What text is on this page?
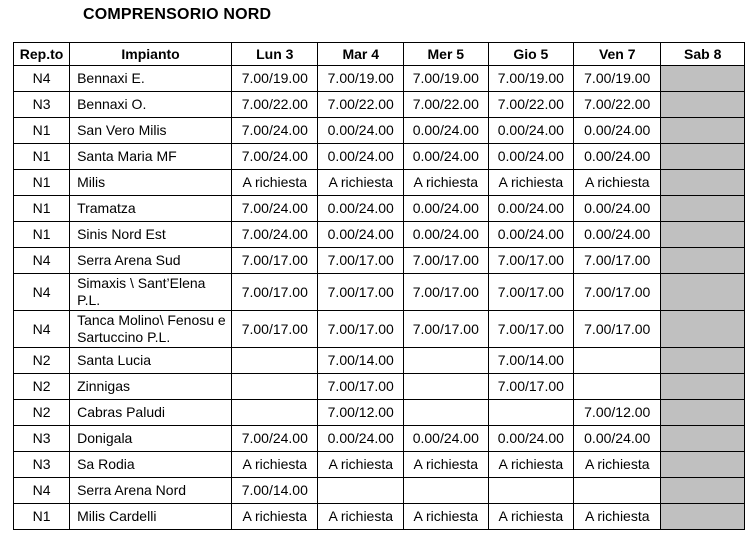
COMPRENSORIO NORD
Rep.to	Impianto	Lun 3	Mar 4	Mer 5	Gio 5	Ven 7	Sab 8
N4	Bennaxi E.	7.00/19.00	7.00/19.00	7.00/19.00	7.00/19.00	7.00/19.00	
N3	Bennaxi O.	7.00/22.00	7.00/22.00	7.00/22.00	7.00/22.00	7.00/22.00	
N1	San Vero Milis	7.00/24.00	0.00/24.00	0.00/24.00	0.00/24.00	0.00/24.00	
N1	Santa Maria MF	7.00/24.00	0.00/24.00	0.00/24.00	0.00/24.00	0.00/24.00	
N1	Milis	A richiesta	A richiesta	A richiesta	A richiesta	A richiesta	
N1	Tramatza	7.00/24.00	0.00/24.00	0.00/24.00	0.00/24.00	0.00/24.00	
N1	Sinis Nord Est	7.00/24.00	0.00/24.00	0.00/24.00	0.00/24.00	0.00/24.00	
N4	Serra Arena Sud	7.00/17.00	7.00/17.00	7.00/17.00	7.00/17.00	7.00/17.00	
N4	Simaxis \ Sant’Elena P.L.	7.00/17.00	7.00/17.00	7.00/17.00	7.00/17.00	7.00/17.00	
N4	Tanca Molino\ Fenosu e Sartuccino P.L.	7.00/17.00	7.00/17.00	7.00/17.00	7.00/17.00	7.00/17.00	
N2	Santa Lucia		7.00/14.00		7.00/14.00		
N2	Zinnigas		7.00/17.00		7.00/17.00		
N2	Cabras Paludi		7.00/12.00			7.00/12.00	
N3	Donigala	7.00/24.00	0.00/24.00	0.00/24.00	0.00/24.00	0.00/24.00	
N3	Sa Rodia	A richiesta	A richiesta	A richiesta	A richiesta	A richiesta	
N4	Serra Arena Nord	7.00/14.00					
N1	Milis Cardelli	A richiesta	A richiesta	A richiesta	A richiesta	A richiesta	
